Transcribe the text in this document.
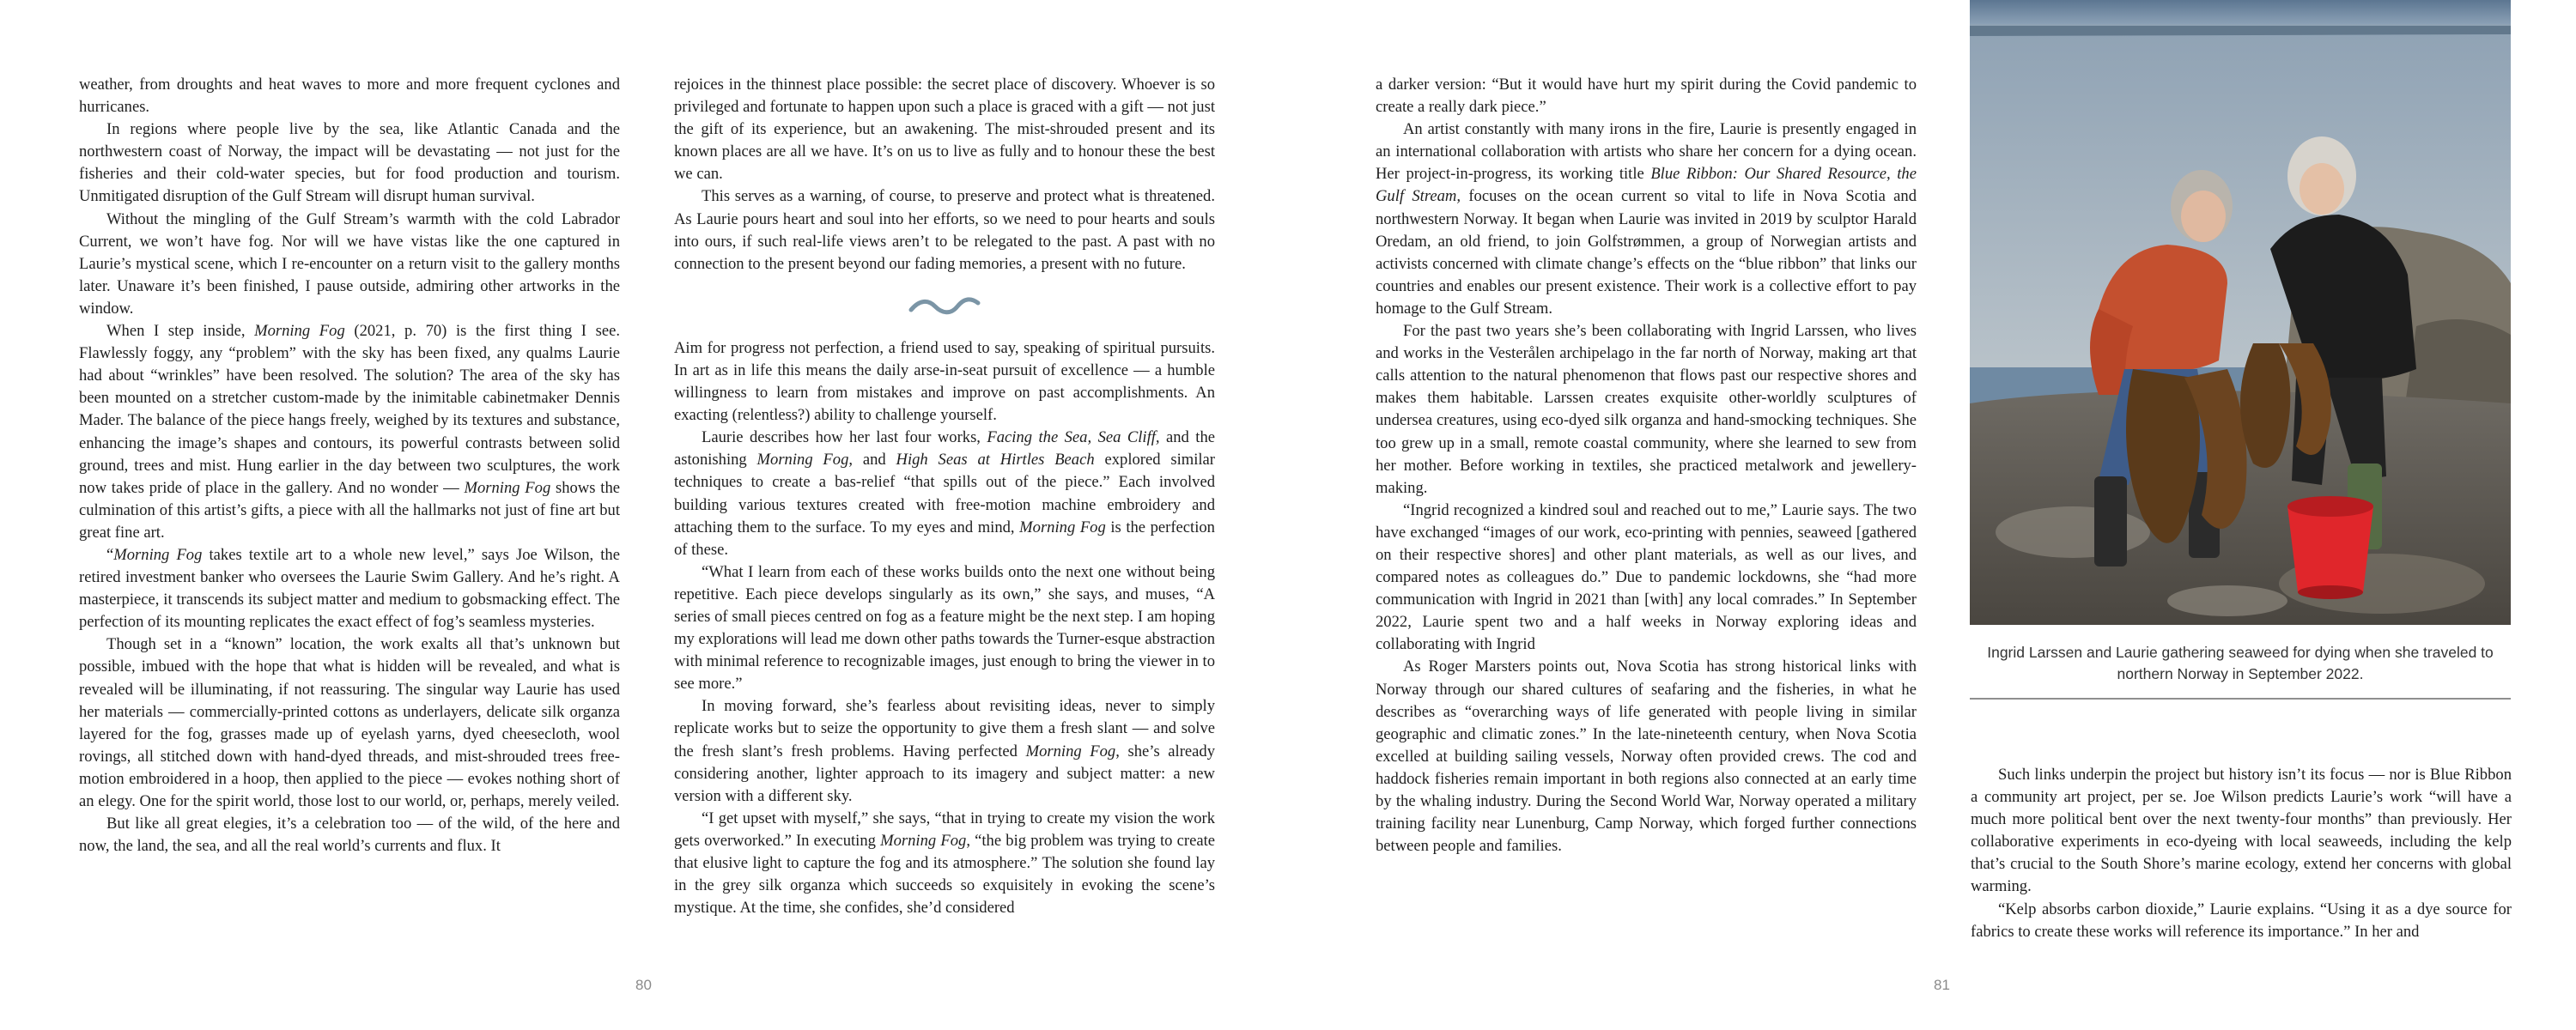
weather, from droughts and heat waves to more and more frequent cyclones and hurricanes.

In regions where people live by the sea, like Atlantic Canada and the northwestern coast of Norway, the impact will be devastating — not just for the fisheries and their cold-water species, but for food production and tourism. Unmitigated disruption of the Gulf Stream will disrupt human survival.

Without the mingling of the Gulf Stream’s warmth with the cold Labrador Current, we won’t have fog. Nor will we have vistas like the one captured in Laurie’s mystical scene, which I re-encounter on a return visit to the gallery months later. Unaware it’s been finished, I pause outside, admiring other artworks in the window.

When I step inside, Morning Fog (2021, p. 70) is the first thing I see. Flawlessly foggy, any “problem” with the sky has been fixed, any qualms Laurie had about “wrinkles” have been resolved. The solution? The area of the sky has been mounted on a stretcher custom-made by the inimitable cabinetmaker Dennis Mader. The balance of the piece hangs freely, weighed by its textures and substance, enhancing the image’s shapes and contours, its powerful contrasts between solid ground, trees and mist. Hung earlier in the day between two sculptures, the work now takes pride of place in the gallery. And no wonder — Morning Fog shows the culmination of this artist’s gifts, a piece with all the hallmarks not just of fine art but great fine art.

“Morning Fog takes textile art to a whole new level,” says Joe Wilson, the retired investment banker who oversees the Laurie Swim Gallery. And he’s right. A masterpiece, it transcends its subject matter and medium to gobsmacking effect. The perfection of its mounting replicates the exact effect of fog’s seamless mysteries.

Though set in a “known” location, the work exalts all that’s unknown but possible, imbued with the hope that what is hidden will be revealed, and what is revealed will be illuminating, if not reassuring. The singular way Laurie has used her materials — commercially-printed cottons as underlayers, delicate silk organza layered for the fog, grasses made up of eyelash yarns, dyed cheesecloth, wool rovings, all stitched down with hand-dyed threads, and mist-shrouded trees free-motion embroidered in a hoop, then applied to the piece — evokes nothing short of an elegy. One for the spirit world, those lost to our world, or, perhaps, merely veiled.

But like all great elegies, it’s a celebration too — of the wild, of the here and now, the land, the sea, and all the real world’s currents and flux. It

rejoices in the thinnest place possible: the secret place of discovery. Whoever is so privileged and fortunate to happen upon such a place is graced with a gift — not just the gift of its experience, but an awakening. The mist-shrouded present and its known places are all we have. It’s on us to live as fully and to honour these the best we can.

This serves as a warning, of course, to preserve and protect what is threatened. As Laurie pours heart and soul into her efforts, so we need to pour hearts and souls into ours, if such real-life views aren’t to be relegated to the past. A past with no connection to the present beyond our fading memories, a present with no future.

Aim for progress not perfection, a friend used to say, speaking of spiritual pursuits. In art as in life this means the daily arse-in-seat pursuit of excellence — a humble willingness to learn from mistakes and improve on past accomplishments. An exacting (relentless?) ability to challenge yourself.

Laurie describes how her last four works, Facing the Sea, Sea Cliff, and the astonishing Morning Fog, and High Seas at Hirtles Beach explored similar techniques to create a bas-relief “that spills out of the piece.” Each involved building various textures created with free-motion machine embroidery and attaching them to the surface. To my eyes and mind, Morning Fog is the perfection of these.

“What I learn from each of these works builds onto the next one without being repetitive. Each piece develops singularly as its own,” she says, and muses, “A series of small pieces centred on fog as a feature might be the next step. I am hoping my explorations will lead me down other paths towards the Turner-esque abstraction with minimal reference to recognizable images, just enough to bring the viewer in to see more.”

In moving forward, she’s fearless about revisiting ideas, never to simply replicate works but to seize the opportunity to give them a fresh slant — and solve the fresh slant’s fresh problems. Having perfected Morning Fog, she’s already considering another, lighter approach to its imagery and subject matter: a new version with a different sky.

“I get upset with myself,” she says, “that in trying to create my vision the work gets overworked.” In executing Morning Fog, “the big problem was trying to create that elusive light to capture the fog and its atmosphere.” The solution she found lay in the grey silk organza which succeeds so exquisitely in evoking the scene’s mystique. At the time, she confides, she’d considered

80

a darker version: “But it would have hurt my spirit during the Covid pandemic to create a really dark piece.”

An artist constantly with many irons in the fire, Laurie is presently engaged in an international collaboration with artists who share her concern for a dying ocean. Her project-in-progress, its working title Blue Ribbon: Our Shared Resource, the Gulf Stream, focuses on the ocean current so vital to life in Nova Scotia and northwestern Norway. It began when Laurie was invited in 2019 by sculptor Harald Oredam, an old friend, to join Golfstrømmen, a group of Norwegian artists and activists concerned with climate change’s effects on the “blue ribbon” that links our countries and enables our present existence. Their work is a collective effort to pay homage to the Gulf Stream.

For the past two years she’s been collaborating with Ingrid Larssen, who lives and works in the Vesterålen archipelago in the far north of Norway, making art that calls attention to the natural phenomenon that flows past our respective shores and makes them habitable. Larssen creates exquisite other-worldly sculptures of undersea creatures, using eco-dyed silk organza and hand-smocking techniques. She too grew up in a small, remote coastal community, where she learned to sew from her mother. Before working in textiles, she practiced metalwork and jewellery-making.

“Ingrid recognized a kindred soul and reached out to me,” Laurie says. The two have exchanged “images of our work, eco-printing with pennies, seaweed [gathered on their respective shores] and other plant materials, as well as our lives, and compared notes as colleagues do.” Due to pandemic lockdowns, she “had more communication with Ingrid in 2021 than [with] any local comrades.” In September 2022, Laurie spent two and a half weeks in Norway exploring ideas and collaborating with Ingrid

As Roger Marsters points out, Nova Scotia has strong historical links with Norway through our shared cultures of seafaring and the fisheries, in what he describes as “overarching ways of life generated with people living in similar geographic and climatic zones.” In the late-nineteenth century, when Nova Scotia excelled at building sailing vessels, Norway often provided crews. The cod and haddock fisheries remain important in both regions also connected at an early time by the whaling industry. During the Second World War, Norway operated a military training facility near Lunenburg, Camp Norway, which forged further connections between people and families.

Ingrid Larssen and Laurie gathering seaweed for dying when she traveled to northern Norway in September 2022.

Such links underpin the project but history isn’t its focus — nor is Blue Ribbon a community art project, per se. Joe Wilson predicts Laurie’s work “will have a much more political bent over the next twenty-four months” than previously. Her collaborative experiments in eco-dyeing with local seaweeds, including the kelp that’s crucial to the South Shore’s marine ecology, extend her concerns with global warming.

“Kelp absorbs carbon dioxide,” Laurie explains. “Using it as a dye source for fabrics to create these works will reference its importance.” In her and

81
